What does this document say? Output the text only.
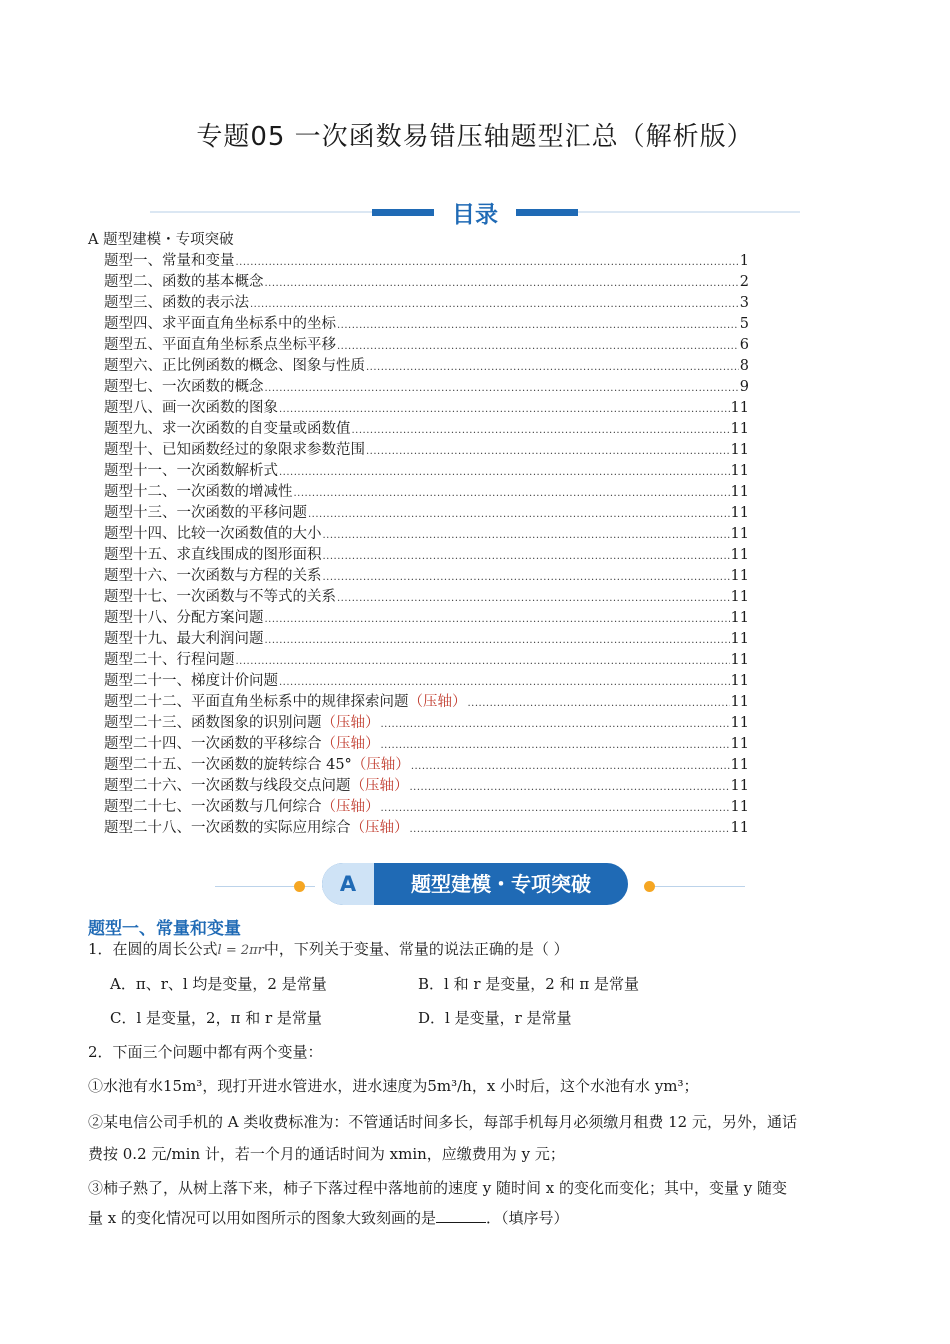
专题05 一次函数易错压轴题型汇总（解析版）
目录
A 题型建模・专项突破
题型一、常量和变量 .....	1
题型二、函数的基本概念 .....	2
题型三、函数的表示法 .....	3
题型四、求平面直角坐标系中的坐标 .....	5
题型五、平面直角坐标系点坐标平移 .....	6
题型六、正比例函数的概念、图象与性质 .....	8
题型七、一次函数的概念 .....	9
题型八、画一次函数的图象 .....	11
题型九、求一次函数的自变量或函数值 .....	11
题型十、已知函数经过的象限求参数范围 .....	11
题型十一、一次函数解析式 .....	11
题型十二、一次函数的增减性 .....	11
题型十三、一次函数的平移问题 .....	11
题型十四、比较一次函数值的大小 .....	11
题型十五、求直线围成的图形面积 .....	11
题型十六、一次函数与方程的关系 .....	11
题型十七、一次函数与不等式的关系 .....	11
题型十八、分配方案问题 .....	11
题型十九、最大利润问题 .....	11
题型二十、行程问题 .....	11
题型二十一、梯度计价问题 .....	11
题型二十二、平面直角坐标系中的规律探索问题 （压轴） .....	11
题型二十三、函数图象的识别问题 （压轴） .....	11
题型二十四、一次函数的平移综合 （压轴） .....	11
题型二十五、一次函数的旋转综合 45° （压轴） .....	11
题型二十六、一次函数与线段交点问题 （压轴） .....	11
题型二十七、一次函数与几何综合 （压轴） .....	11
题型二十八、一次函数的实际应用综合 （压轴） .....	11
A	题型建模・专项突破
题型一、常量和变量
1．在圆的周长公式l = 2πr中，下列关于变量、常量的说法正确的是（ ）
A．π、r、l 均是变量，2 是常量	B．l 和 r 是变量，2 和 π 是常量
C．l 是变量，2，π 和 r 是常量	D．l 是变量，r 是常量
2．下面三个问题中都有两个变量：
①水池有水15m³，现打开进水管进水，进水速度为5m³/h，x 小时后，这个水池有水 ym³；
②某电信公司手机的 A 类收费标准为：不管通话时间多长，每部手机每月必须缴月租费 12 元，另外，通话
费按 0.2 元/min 计，若一个月的通话时间为 xmin，应缴费用为 y 元；
③柿子熟了，从树上落下来，柿子下落过程中落地前的速度 y 随时间 x 的变化而变化；其中，变量 y 随变
量 x 的变化情况可以用如图所示的图象大致刻画的是	．（填序号）
